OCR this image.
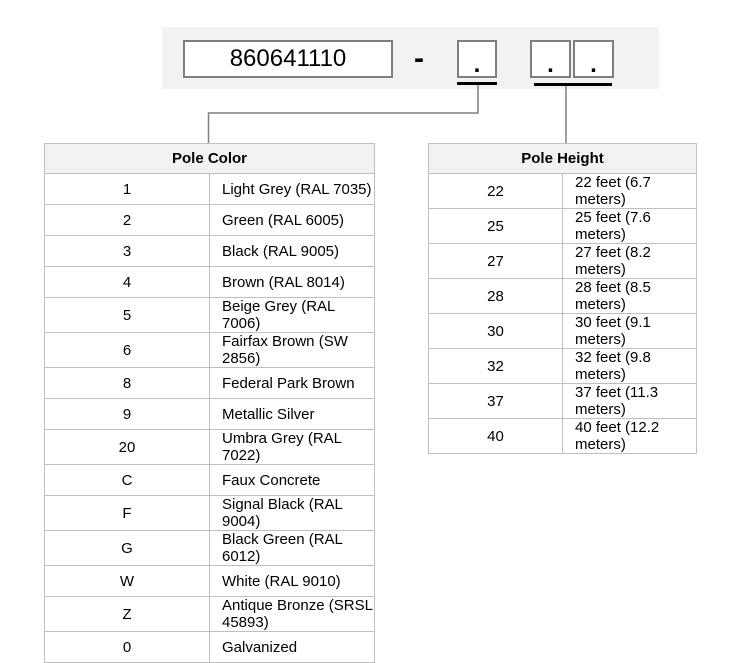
860641110 -	.	. .
Pole Color	
1	Light Grey (RAL 7035)
2	Green (RAL 6005)
3	Black (RAL 9005)
4	Brown (RAL 8014)
5	Beige Grey (RAL 7006)
6	Fairfax Brown (SW 2856)
8	Federal Park Brown
9	Metallic Silver
20	Umbra Grey (RAL 7022)
C	Faux Concrete
F	Signal Black (RAL 9004)
G	Black Green (RAL 6012)
W	White (RAL 9010)
Z	Antique Bronze (SRSL 45893)
0	Galvanized
Pole Height	
22	22 feet (6.7 meters)
25	25 feet (7.6 meters)
27	27 feet (8.2 meters)
28	28 feet (8.5 meters)
30	30 feet (9.1 meters)
32	32 feet (9.8 meters)
37	37 feet (11.3 meters)
40	40 feet (12.2 meters)
